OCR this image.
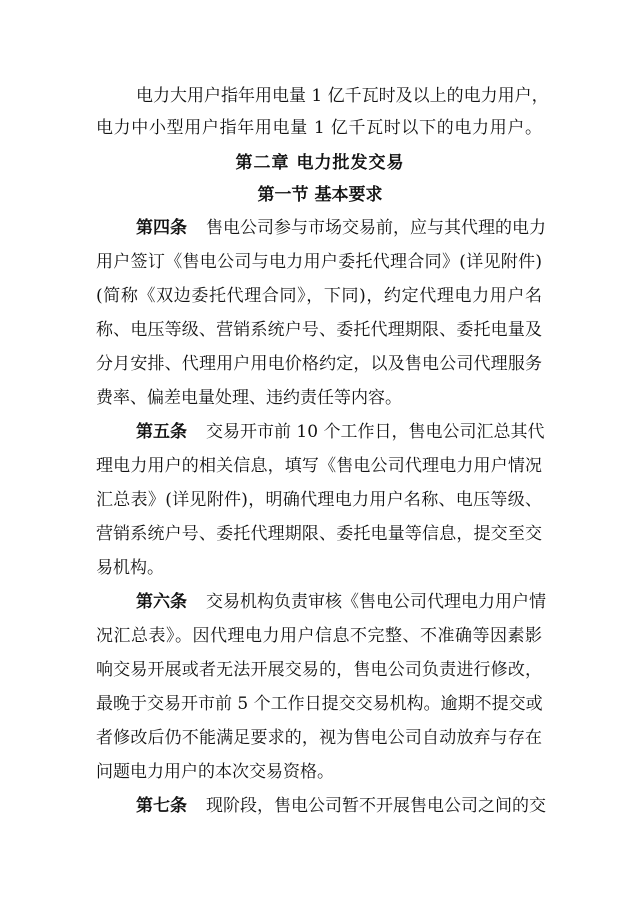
电力大用户指年用电量 1 亿千瓦时及以上的电力用户，
电力中小型用户指年用电量 1 亿千瓦时以下的电力用户。
第二章 电力批发交易
第一节 基本要求
第四条 售电公司参与市场交易前，应与其代理的电力
用户签订《售电公司与电力用户委托代理合同》(详见附件)
(简称《双边委托代理合同》，下同)，约定代理电力用户名
称、电压等级、营销系统户号、委托代理期限、委托电量及
分月安排、代理用户用电价格约定，以及售电公司代理服务
费率、偏差电量处理、违约责任等内容。
第五条 交易开市前 10 个工作日，售电公司汇总其代
理电力用户的相关信息，填写《售电公司代理电力用户情况
汇总表》(详见附件)，明确代理电力用户名称、电压等级、
营销系统户号、委托代理期限、委托电量等信息，提交至交
易机构。
第六条 交易机构负责审核《售电公司代理电力用户情
况汇总表》。因代理电力用户信息不完整、不准确等因素影
响交易开展或者无法开展交易的，售电公司负责进行修改，
最晚于交易开市前 5 个工作日提交交易机构。逾期不提交或
者修改后仍不能满足要求的，视为售电公司自动放弃与存在
问题电力用户的本次交易资格。
第七条 现阶段，售电公司暂不开展售电公司之间的交
